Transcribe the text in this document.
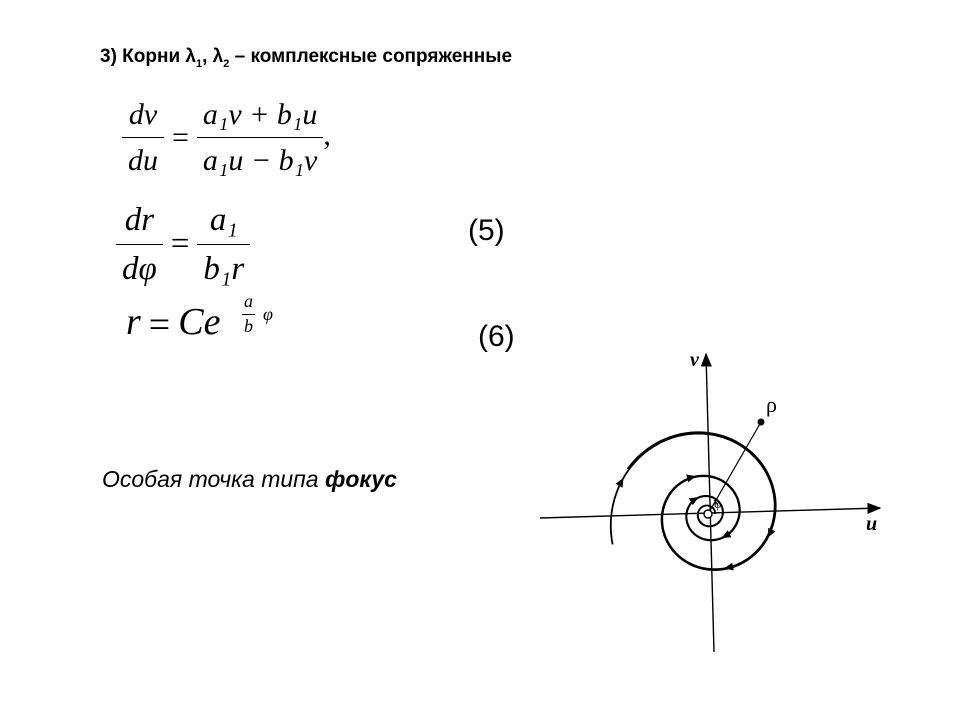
3) Корни $\lambda_1$, $\lambda_2$ – комплексные сопряженные
$\frac{dv}{du} = \frac{\text{a₁v + b₁u}}{\text{a₁u − b₁v}}$ ,
$\frac{dr}{d\varphi} = \frac{\text{a₁}}{\text{b₁r}}$	(5)
r = Ce $\frac{a}{b}$ φ
(6)
Особая точка типа фокус
v
u
ρ
φ
